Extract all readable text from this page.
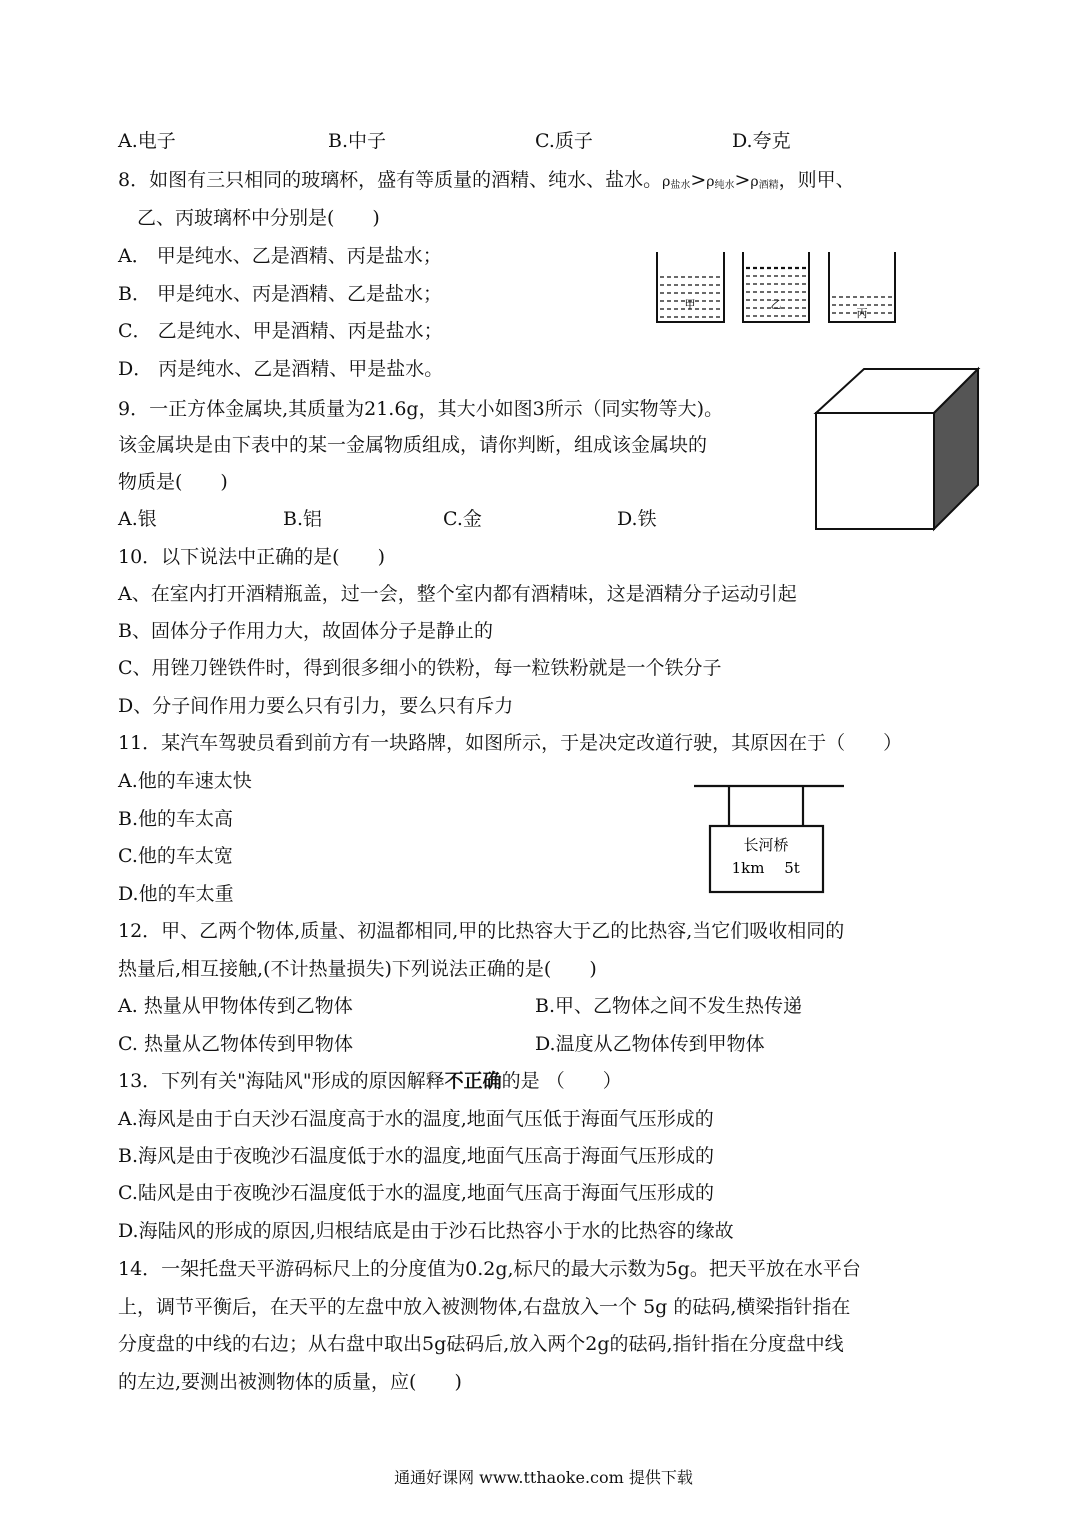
A.电子	B.中子	C.质子	D.夸克
8．如图有三只相同的玻璃杯，盛有等质量的酒精、纯水、盐水。$\rho_{盐水}>\rho_{纯水}>\rho_{酒精}$，则甲、
乙、丙玻璃杯中分别是(　　)
A． 甲是纯水、乙是酒精、丙是盐水；
B． 甲是纯水、丙是酒精、乙是盐水；
C． 乙是纯水、甲是酒精、丙是盐水；
D． 丙是纯水、乙是酒精、甲是盐水。
甲	乙
丙
9．一正方体金属块,其质量为21.6g，其大小如图3所示（同实物等大)。
该金属块是由下表中的某一金属物质组成，请你判断，组成该金属块的
物质是(　　)
A.银	B.铝	C.金	D.铁
10．以下说法中正确的是(　　)
A、在室内打开酒精瓶盖，过一会，整个室内都有酒精味，这是酒精分子运动引起
B、固体分子作用力大，故固体分子是静止的
C、用锉刀锉铁件时，得到很多细小的铁粉，每一粒铁粉就是一个铁分子
D、分子间作用力要么只有引力，要么只有斥力
11．某汽车驾驶员看到前方有一块路牌，如图所示，于是决定改道行驶，其原因在于（　　）
A.他的车速太快
B.他的车太高
C.他的车太宽
D.他的车太重
长河桥
1km 5t
12．甲、乙两个物体,质量、初温都相同,甲的比热容大于乙的比热容,当它们吸收相同的
热量后,相互接触,(不计热量损失)下列说法正确的是(　　)
A. 热量从甲物体传到乙物体	B.甲、乙物体之间不发生热传递
C. 热量从乙物体传到甲物体	D.温度从乙物体传到甲物体
13．下列有关"海陆风"形成的原因解释不正确的是 （　　）
A.海风是由于白天沙石温度高于水的温度,地面气压低于海面气压形成的
B.海风是由于夜晚沙石温度低于水的温度,地面气压高于海面气压形成的
C.陆风是由于夜晚沙石温度低于水的温度,地面气压高于海面气压形成的
D.海陆风的形成的原因,归根结底是由于沙石比热容小于水的比热容的缘故
14．一架托盘天平游码标尺上的分度值为0.2g,标尺的最大示数为5g。把天平放在水平台
上，调节平衡后，在天平的左盘中放入被测物体,右盘放入一个 5g 的砝码,横梁指针指在
分度盘的中线的右边；从右盘中取出5g砝码后,放入两个2g的砝码,指针指在分度盘中线
的左边,要测出被测物体的质量，应(　　)
通通好课网 www.tthaoke.com 提供下载
